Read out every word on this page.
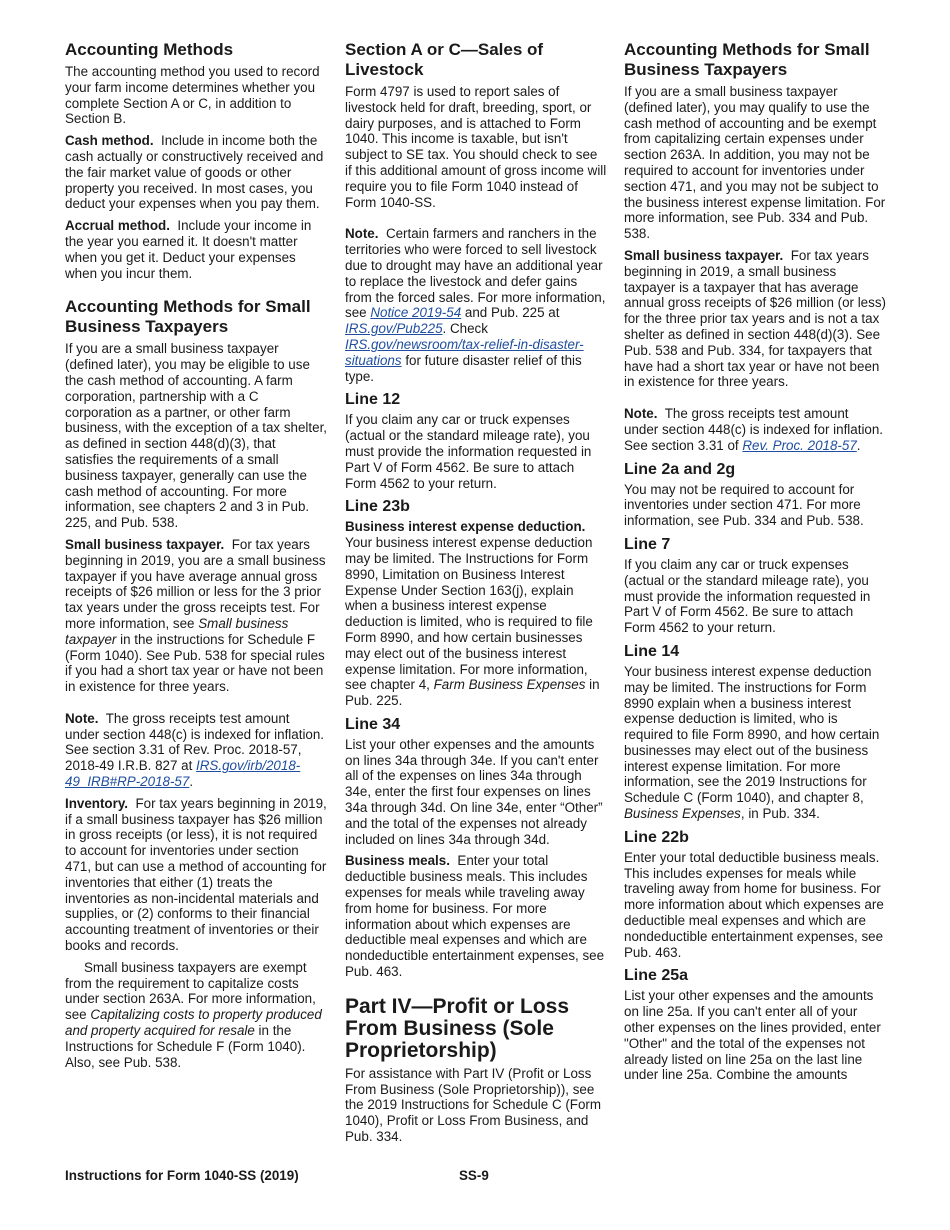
Accounting Methods

The accounting method you used to record your farm income determines whether you complete Section A or C, in addition to Section B.

Cash method. Include in income both the cash actually or constructively received and the fair market value of goods or other property you received. In most cases, you deduct your expenses when you pay them.

Accrual method. Include your income in the year you earned it. It doesn't matter when you get it. Deduct your expenses when you incur them.

Accounting Methods for Small Business Taxpayers

If you are a small business taxpayer (defined later), you may be eligible to use the cash method of accounting. A farm corporation, partnership with a C corporation as a partner, or other farm business, with the exception of a tax shelter, as defined in section 448(d)(3), that satisfies the requirements of a small business taxpayer, generally can use the cash method of accounting. For more information, see chapters 2 and 3 in Pub. 225, and Pub. 538.

Small business taxpayer. For tax years beginning in 2019, you are a small business taxpayer if you have average annual gross receipts of $26 million or less for the 3 prior tax years under the gross receipts test. For more information, see Small business taxpayer in the instructions for Schedule F (Form 1040). See Pub. 538 for special rules if you had a short tax year or have not been in existence for three years.

Note. The gross receipts test amount under section 448(c) is indexed for inflation. See section 3.31 of Rev. Proc. 2018-57, 2018-49 I.R.B. 827 at IRS.gov/irb/2018-49_IRB#RP-2018-57.

Inventory. For tax years beginning in 2019, if a small business taxpayer has $26 million in gross receipts (or less), it is not required to account for inventories under section 471, but can use a method of accounting for inventories that either (1) treats the inventories as non-incidental materials and supplies, or (2) conforms to their financial accounting treatment of inventories or their books and records.

Small business taxpayers are exempt from the requirement to capitalize costs under section 263A. For more information, see Capitalizing costs to property produced and property acquired for resale in the Instructions for Schedule F (Form 1040). Also, see Pub. 538.

Section A or C—Sales of Livestock

Form 4797 is used to report sales of livestock held for draft, breeding, sport, or dairy purposes, and is attached to Form 1040. This income is taxable, but isn't subject to SE tax. You should check to see if this additional amount of gross income will require you to file Form 1040 instead of Form 1040-SS.

Note. Certain farmers and ranchers in the territories who were forced to sell livestock due to drought may have an additional year to replace the livestock and defer gains from the forced sales. For more information, see Notice 2019-54 and Pub. 225 at IRS.gov/Pub225. Check IRS.gov/newsroom/tax-relief-in-disaster-situations for future disaster relief of this type.

Line 12

If you claim any car or truck expenses (actual or the standard mileage rate), you must provide the information requested in Part V of Form 4562. Be sure to attach Form 4562 to your return.

Line 23b

Business interest expense deduction. Your business interest expense deduction may be limited. The Instructions for Form 8990, Limitation on Business Interest Expense Under Section 163(j), explain when a business interest expense deduction is limited, who is required to file Form 8990, and how certain businesses may elect out of the business interest expense limitation. For more information, see chapter 4, Farm Business Expenses in Pub. 225.

Line 34

List your other expenses and the amounts on lines 34a through 34e. If you can't enter all of the expenses on lines 34a through 34e, enter the first four expenses on lines 34a through 34d. On line 34e, enter “Other” and the total of the expenses not already included on lines 34a through 34d.

Business meals. Enter your total deductible business meals. This includes expenses for meals while traveling away from home for business. For more information about which expenses are deductible meal expenses and which are nondeductible entertainment expenses, see Pub. 463.

Part IV—Profit or Loss From Business (Sole Proprietorship)

For assistance with Part IV (Profit or Loss From Business (Sole Proprietorship)), see the 2019 Instructions for Schedule C (Form 1040), Profit or Loss From Business, and Pub. 334.

Accounting Methods for Small Business Taxpayers

If you are a small business taxpayer (defined later), you may qualify to use the cash method of accounting and be exempt from capitalizing certain expenses under section 263A. In addition, you may not be required to account for inventories under section 471, and you may not be subject to the business interest expense limitation. For more information, see Pub. 334 and Pub. 538.

Small business taxpayer. For tax years beginning in 2019, a small business taxpayer is a taxpayer that has average annual gross receipts of $26 million (or less) for the three prior tax years and is not a tax shelter as defined in section 448(d)(3). See Pub. 538 and Pub. 334, for taxpayers that have had a short tax year or have not been in existence for three years.

Note. The gross receipts test amount under section 448(c) is indexed for inflation. See section 3.31 of Rev. Proc. 2018-57.

Line 2a and 2g

You may not be required to account for inventories under section 471. For more information, see Pub. 334 and Pub. 538.

Line 7

If you claim any car or truck expenses (actual or the standard mileage rate), you must provide the information requested in Part V of Form 4562. Be sure to attach Form 4562 to your return.

Line 14

Your business interest expense deduction may be limited. The instructions for Form 8990 explain when a business interest expense deduction is limited, who is required to file Form 8990, and how certain businesses may elect out of the business interest expense limitation. For more information, see the 2019 Instructions for Schedule C (Form 1040), and chapter 8, Business Expenses, in Pub. 334.

Line 22b

Enter your total deductible business meals. This includes expenses for meals while traveling away from home for business. For more information about which expenses are deductible meal expenses and which are nondeductible entertainment expenses, see Pub. 463.

Line 25a

List your other expenses and the amounts on line 25a. If you can't enter all of your other expenses on the lines provided, enter "Other" and the total of the expenses not already listed on line 25a on the last line under line 25a. Combine the amounts

Instructions for Form 1040-SS (2019)	SS-9
